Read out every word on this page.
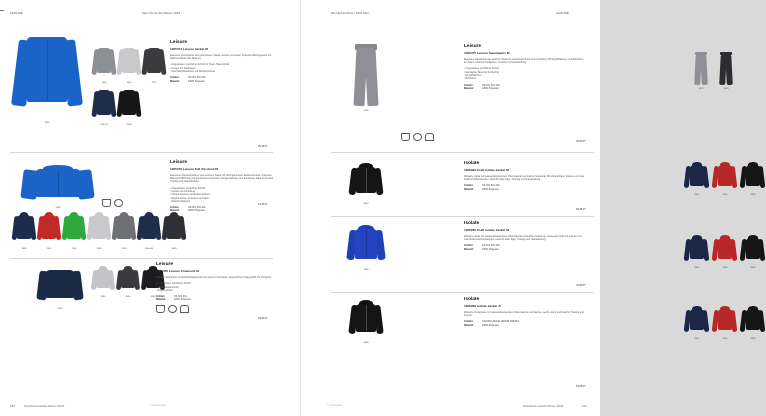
LEISURE	Men NG Herbst-Winter 2023
2800
1950	1950	1975
7390-00	9999
Leisure
1905471 Leisure Jacket M
Bequeme Freizeitjacke aus gebürstetem Sweat, weiche Innenseite. Polyester-Mischgewebe mit Reißverschluss und Taschen.
• Angepasster, sportlicher Schnitt für Team-Trägerschaft
• Kragen mit Stehkragen
• Zwei Eingriffstaschen mit Reißverschluss
Größen:	XS-3XL 3XL 4XL
Material:	100% Polyester
39,95 €*
2800
Leisure
1905470 Leisure Full Zip Hood M
Bequemer Kapuzenpullover aus weichem Sweat mit durchgehendem Reißverschluss. Polyester-Baumwoll-Mischung mit gebürsteter Innenseite, Kängurutaschen und Kordelzug. Ideal für Freizeit, Training und Teamkleidung.
• Angepasster, sportlicher Schnitt
• Kapuze mit Kordelzug
• Kängurutaschen mit Reißverschluss
• Rippbündchen an Armen und Saum
• Weiches Material
Größen:	XS-3XL 3XL 4XL
Material:	100% Polyester
44,95 €*
2800	2900	2500	2900	1950	295-000	9999
5990
9990	9990	9999
Leisure
1905455 Leisure Crewneck M
Lässiger Sweatshirt mit Rundhalsausschnitt und weicher Innenseite. Angenehmes Tragegefühl aus Polyester.
• Angepasster, sportlicher Schnitt
• Rundhalsausschnitt
• Rippbündchen
Größen:	XS-3XL 3XL
Material:	100% Polyester
34,95 €*
166	Workbook Herbst-Winter 2023	7 0 0 Inventory
NG Herbst-Winter 2023 Men	LEISURE
1950
1975	9999
Leisure
1905475 Leisure Sweatpants M
Bequeme Sweathose aus weichem Stoff mit elastischem Bund und Kordelzug. Mit Eingrifftaschen und Bündchen am Saum. Ideal für Aufwärmen, Freizeit und Teamkleidung.
• Angepasster, sportlicher Schnitt
• Elastischer Bund mit Kordelzug
• Eingrifftaschen
• Bündchen
Größen:	XS-3XL 3XL 4XL
Material:	100% Polyester
34,95 €*
9999
2800	5430	9999
Isolate
1905903 Craft Isolate Jacket M
Wattierte Jacke mit wasserabweisendem Obermaterial und leichter Isolierung. Mit abnehmbarer Kapuze und zwei Reißverschlusstaschen. Ideal für kalte Tage, Training und Teamkleidung.
Größen:	XS-3XL 3XL 4XL
Material:	100% Polyester
69,95 €*
2800
2800	5430	9999
Isolate
1905906 Craft Isolate Jacket M
Wattierte Jacke mit wasserabweisendem Obermaterial und leichter Isolierung. Gesteppte Optik mit Kapuze und zwei Reißverschlusstaschen. Ideal für kalte Tage, Training und Teamkleidung.
Größen:	XS-3XL 3XL 4XL
Material:	100% Polyester
79,95 €*
9999
2800	5430	9999
Isolate
1905906 Isolate Jacket Jr
Wattierte Kinderjacke mit wasserabweisendem Obermaterial und Kapuze. Leicht, warm und ideal für Training und Freizeit.
Größen:	122/128 134/140 146/152 158/164
Material:	100% Polyester
59,95 €*
7 0 0 Inventory	Workbook Herbst-Winter 2023	167
